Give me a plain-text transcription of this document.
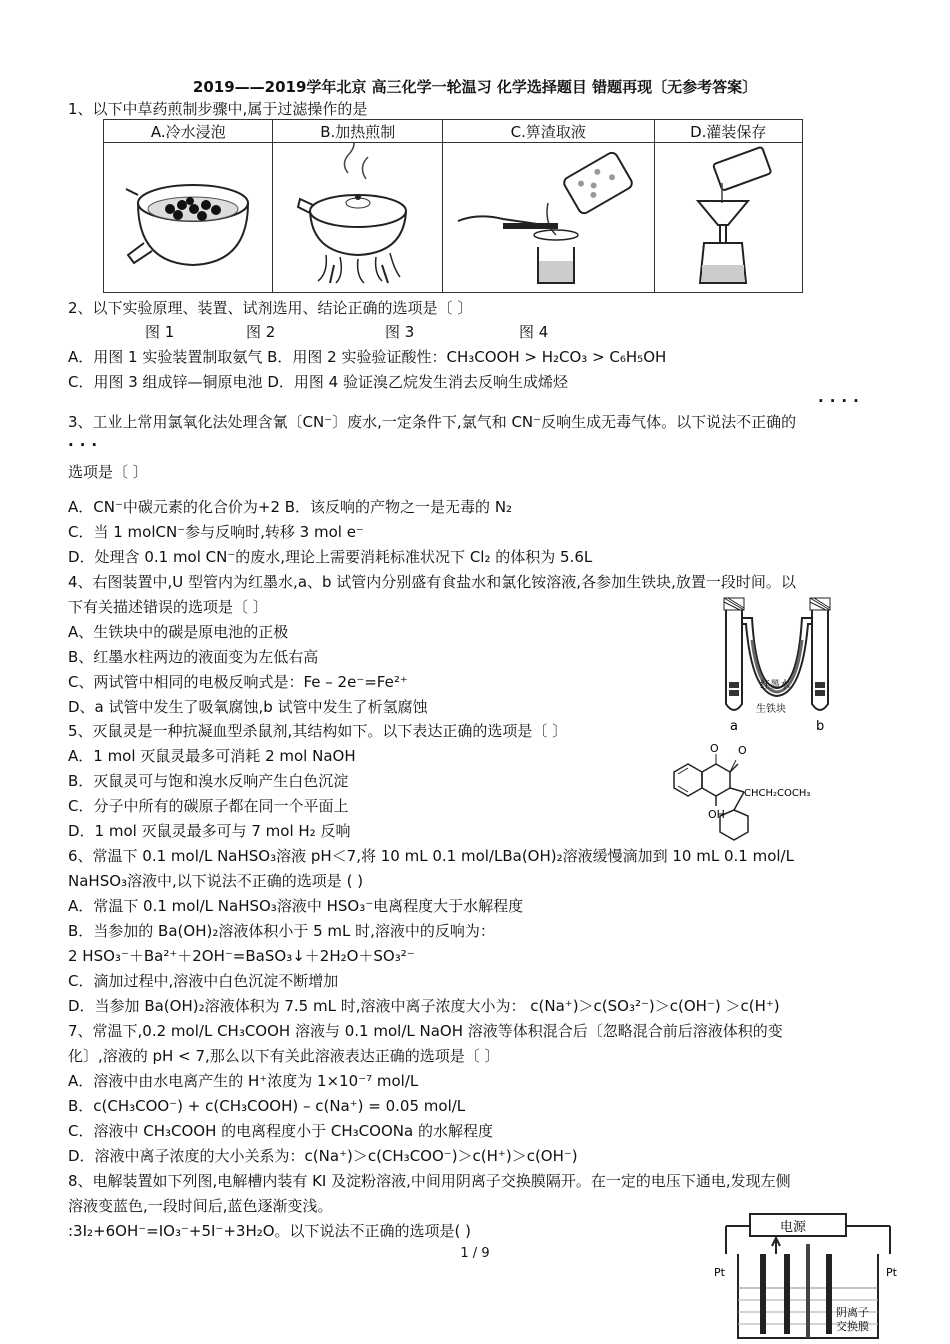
2019——2019学年北京 高三化学一轮温习 化学选择题目 错题再现〔无参考答案〕
1、以下中草药煎制步骤中,属于过滤操作的是
A.冷水浸泡	B.加热煎制	C.箅渣取液	D.灌装保存

2、以下实验原理、装置、试剂选用、结论正确的选项是〔 〕
图 1	图 2	图 3	图 4
A．用图 1 实验装置制取氨气 B．用图 2 实验验证酸性：CH₃COOH > H₂CO₃ > C₆H₅OH
C．用图 3 组成锌—铜原电池 D．用图 4 验证溴乙烷发生消去反响生成烯烃
····
3、工业上常用氯氧化法处理含氰〔CN⁻〕废水,一定条件下,氯气和 CN⁻反响生成无毒气体。以下说法不正确的
···
选项是〔 〕
A．CN⁻中碳元素的化合价为+2 B．该反响的产物之一是无毒的 N₂
C．当 1 molCN⁻参与反响时,转移 3 mol e⁻
D．处理含 0.1 mol CN⁻的废水,理论上需要消耗标准状况下 Cl₂ 的体积为 5.6L
4、右图装置中,U 型管内为红墨水,a、b 试管内分别盛有食盐水和氯化铵溶液,各参加生铁块,放置一段时间。以
下有关描述错误的选项是〔 〕
A、生铁块中的碳是原电池的正极
B、红墨水柱两边的液面变为左低右高
C、两试管中相同的电极反响式是：Fe – 2e⁻=Fe²⁺
D、a 试管中发生了吸氧腐蚀,b 试管中发生了析氢腐蚀
红墨水
生铁块
a	b
5、灭鼠灵是一种抗凝血型杀鼠剂,其结构如下。以下表达正确的选项是〔 〕
A．1 mol 灭鼠灵最多可消耗 2 mol NaOH
B．灭鼠灵可与饱和溴水反响产生白色沉淀
C．分子中所有的碳原子都在同一个平面上
D．1 mol 灭鼠灵最多可与 7 mol H₂ 反响
O O
OH
CHCH₂COCH₃
6、常温下 0.1 mol/L NaHSO₃溶液 pH＜7,将 10 mL 0.1 mol/LBa(OH)₂溶液缓慢滴加到 10 mL 0.1 mol/L
NaHSO₃溶液中,以下说法不正确的选项是 ( )
A．常温下 0.1 mol/L NaHSO₃溶液中 HSO₃⁻电离程度大于水解程度
B．当参加的 Ba(OH)₂溶液体积小于 5 mL 时,溶液中的反响为：
2 HSO₃⁻＋Ba²⁺＋2OH⁻=BaSO₃↓＋2H₂O＋SO₃²⁻
C．滴加过程中,溶液中白色沉淀不断增加
D．当参加 Ba(OH)₂溶液体积为 7.5 mL 时,溶液中离子浓度大小为： c(Na⁺)＞c(SO₃²⁻)＞c(OH⁻) ＞c(H⁺)
7、常温下,0.2 mol/L CH₃COOH 溶液与 0.1 mol/L NaOH 溶液等体积混合后〔忽略混合前后溶液体积的变
化〕,溶液的 pH < 7,那么以下有关此溶液表达正确的选项是〔 〕
A．溶液中由水电离产生的 H⁺浓度为 1×10⁻⁷ mol/L
B．c(CH₃COO⁻) + c(CH₃COOH) – c(Na⁺) = 0.05 mol/L
C．溶液中 CH₃COOH 的电离程度小于 CH₃COONa 的水解程度
D．溶液中离子浓度的大小关系为：c(Na⁺)＞c(CH₃COO⁻)＞c(H⁺)＞c(OH⁻)
8、电解装置如下列图,电解槽内装有 KI 及淀粉溶液,中间用阴离子交换膜隔开。在一定的电压下通电,发现左侧
溶液变蓝色,一段时间后,蓝色逐渐变浅。
:3I₂+6OH⁻=IO₃⁻+5I⁻+3H₂O。以下说法不正确的选项是( )	电源
Pt	Pt
阴离子
交换膜
1 / 9
